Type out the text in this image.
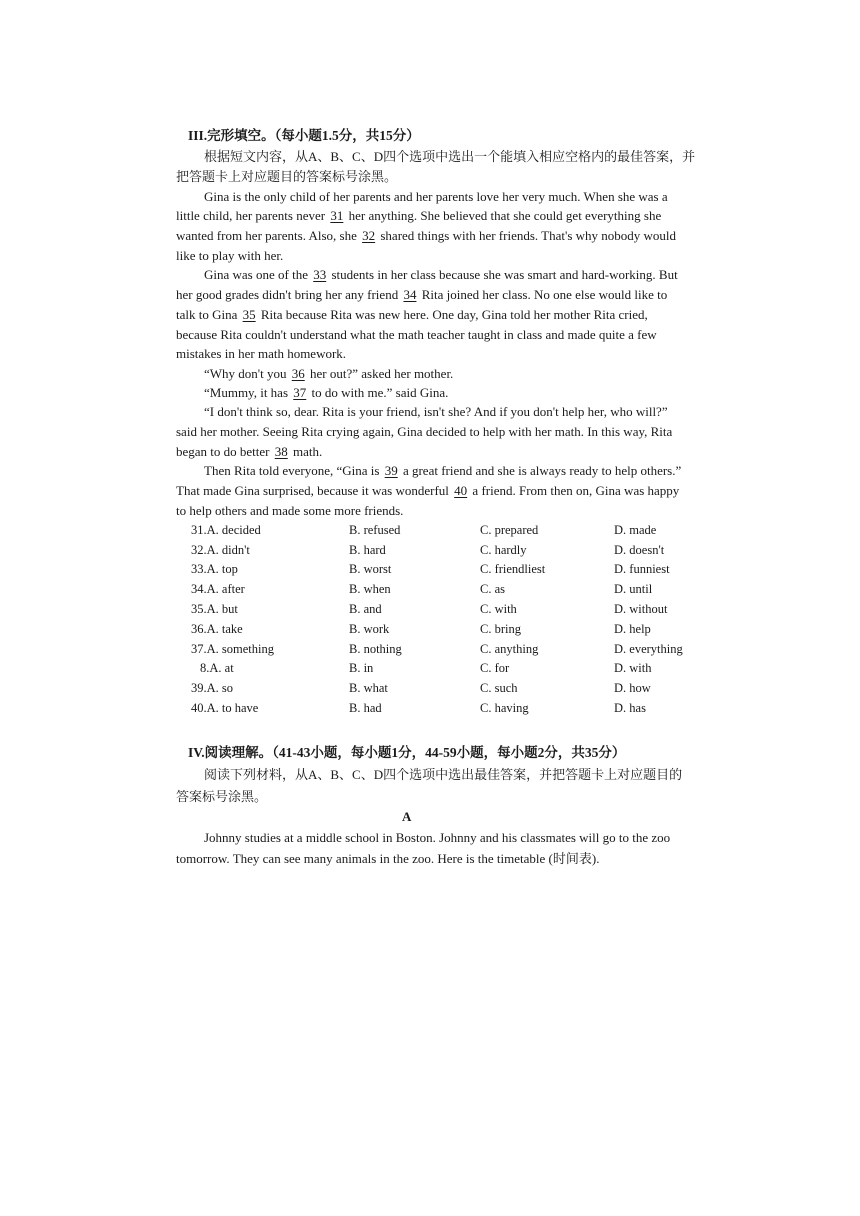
III.完形填空。（每小题1.5分，共15分）
根据短文内容，从A、B、C、D四个选项中选出一个能填入相应空格内的最佳答案，并
把答题卡上对应题目的答案标号涂黑。
Gina is the only child of her parents and her parents love her very much. When she was a
little child, her parents never 31 her anything. She believed that she could get everything she
wanted from her parents. Also, she 32 shared things with her friends. That's why nobody would
like to play with her.
Gina was one of the 33 students in her class because she was smart and hard-working. But
her good grades didn't bring her any friend 34 Rita joined her class. No one else would like to
talk to Gina 35 Rita because Rita was new here. One day, Gina told her mother Rita cried,
because Rita couldn't understand what the math teacher taught in class and made quite a few
mistakes in her math homework.
“Why don't you 36 her out?” asked her mother.
“Mummy, it has 37 to do with me.” said Gina.
“I don't think so, dear. Rita is your friend, isn't she? And if you don't help her, who will?”
said her mother. Seeing Rita crying again, Gina decided to help with her math. In this way, Rita
began to do better 38 math.
Then Rita told everyone, “Gina is 39 a great friend and she is always ready to help others.”
That made Gina surprised, because it was wonderful 40 a friend. From then on, Gina was happy
to help others and made some more friends.
31.A. decided	B. refused	C. prepared	D. made
32.A. didn't	B. hard	C. hardly	D. doesn't
33.A. top	B. worst	C. friendliest	D. funniest
34.A. after	B. when	C. as	D. until
35.A. but	B. and	C. with	D. without
36.A. take	B. work	C. bring	D. help
37.A. something	B. nothing	C. anything	D. everything
8.A. at	B. in	C. for	D. with
39.A. so	B. what	C. such	D. how
40.A. to have	B. had	C. having	D. has
IV.阅读理解。（41-43小题，每小题1分，44-59小题，每小题2分，共35分）
阅读下列材料，从A、B、C、D四个选项中选出最佳答案，并把答题卡上对应题目的
答案标号涂黑。
A
Johnny studies at a middle school in Boston. Johnny and his classmates will go to the zoo
tomorrow. They can see many animals in the zoo. Here is the timetable (时间表).
